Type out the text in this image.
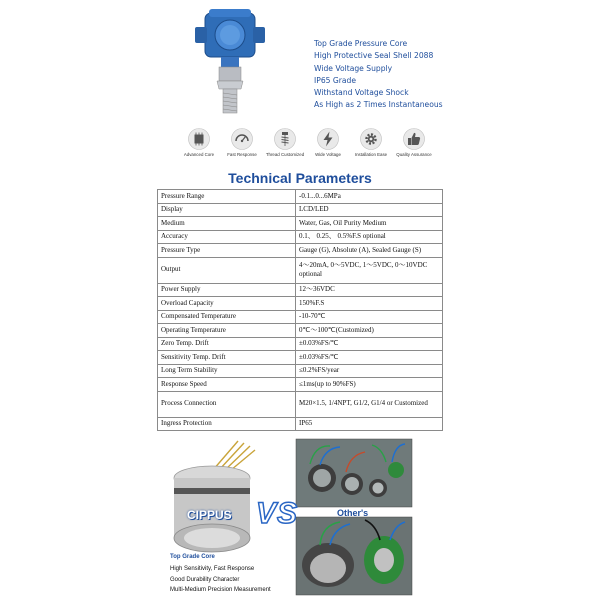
Top Grade Pressure Core
High Protective Seal Shell 2088
Wide Voltage Supply
IP65 Grade
Withstand Voltage Shock
As High as 2 Times Instantaneous
Advanced Core	Fast Response	Thread Customized	Wide Voltage	Installation Ease	Quality Assurance
Technical Parameters
Pressure Range	-0.1...0...6MPa
Display	LCD/LED
Medium	Water, Gas, Oil Purity Medium
Accuracy	0.1、 0.25、 0.5%F.S optional
Pressure Type	Gauge (G), Absolute (A), Sealed Gauge (S)
Output	4～20mA, 0～5VDC, 1～5VDC, 0～10VDC optional
Power Supply	12～36VDC
Overload Capacity	150%F.S
Compensated Temperature	-10-70℃
Operating Temperature	0℃～100℃(Customized)
Zero Temp. Drift	±0.03%FS/℃
Sensitivity Temp. Drift	±0.03%FS/℃
Long Term Stability	≤0.2%FS/year
Response Speed	≤1ms(up to 90%FS)
Process Connection	M20×1.5, 1/4NPT, G1/2, G1/4 or Customized
Ingress Protection	IP65
CIPPUS VS	Other's
Top Grade Core
High Sensitivity, Fast Response
Good Durability Character
Multi-Medium Precision Measurement
